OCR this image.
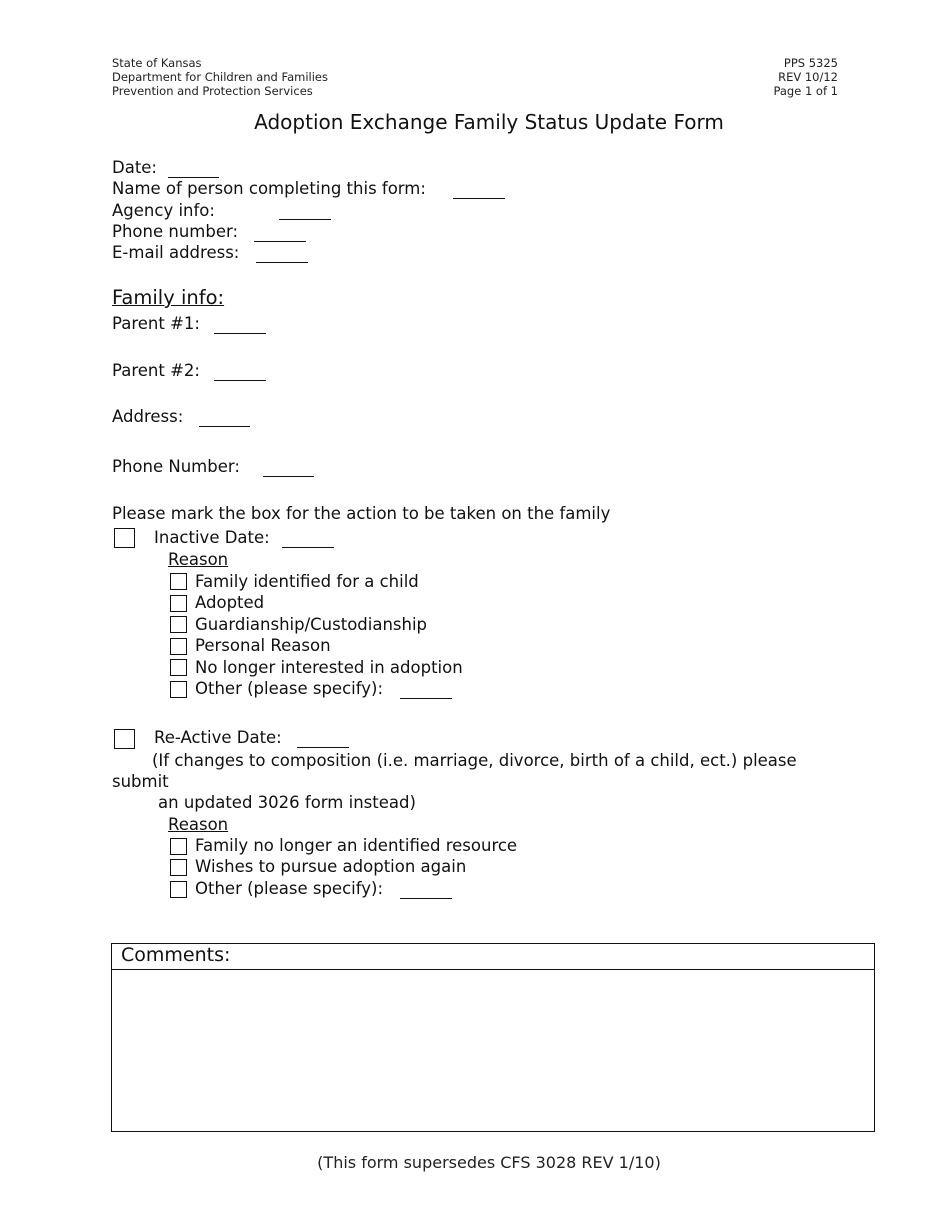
State of Kansas
Department for Children and Families
Prevention and Protection Services
PPS 5325
REV 10/12
Page 1 of 1
Adoption Exchange Family Status Update Form
Date:
Name of person completing this form:
Agency info:
Phone number:
E-mail address:
Family info:
Parent #1:
Parent #2:
Address:
Phone Number:
Please mark the box for the action to be taken on the family
Inactive Date:
Reason
Family identified for a child
Adopted
Guardianship/Custodianship
Personal Reason
No longer interested in adoption
Other (please specify):
Re-Active Date:
(If changes to composition (i.e. marriage, divorce, birth of a child, ect.) please
submit
an updated 3026 form instead)
Reason
Family no longer an identified resource
Wishes to pursue adoption again
Other (please specify):
Comments:
(This form supersedes CFS 3028 REV 1/10)
